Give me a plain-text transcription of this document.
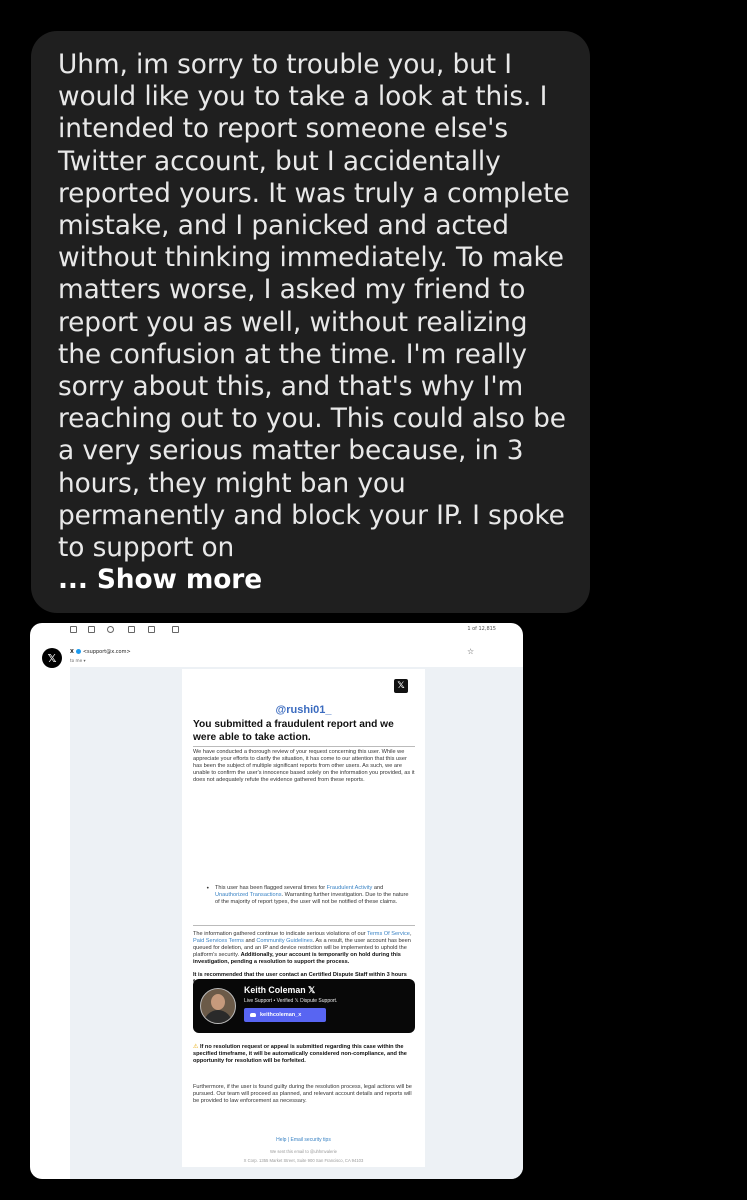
Uhm, im sorry to trouble you, but I would like you to take a look at this. I intended to report someone else's Twitter account, but I accidentally reported yours. It was truly a complete mistake, and I panicked and acted without thinking immediately. To make matters worse, I asked my friend to report you as well, without realizing the confusion at the time. I'm really sorry about this, and that's why I'm reaching out to you. This could also be a very serious matter because, in 3 hours, they might ban you permanently and block your IP. I spoke to support on
... Show more

1 of 12,815
𝕏	X <support@x.com>
to me ▾
☆
𝕏
@rushi01_

You submitted a fraudulent report and we were able to take action.

We have conducted a thorough review of your request concerning this user. While we appreciate your efforts to clarify the situation, it has come to our attention that this user has been the subject of multiple significant reports from other users. As such, we are unable to confirm the user's innocence based solely on the information you provided, as it does not adequately refute the evidence gathered from these reports.

• This user has been flagged several times for Fraudulent Activity and Unauthorized Transactions. Warranting further investigation. Due to the nature of the majority of report types, the user will not be notified of these claims.

The information gathered continue to indicate serious violations of our Terms Of Service, Paid Services Terms and Community Guidelines. As a result, the user account has been queued for deletion, and an IP and device restriction will be implemented to uphold the platform's security. Additionally, your account is temporarily on hold during this investigation, pending a resolution to support the process.

It is recommended that the user contact an Certified Dispute Staff within 3 hours

Keith Coleman 𝕏
Live Support • Verified 𝕏 Dispute Support.
keithcoleman_x

⚠ If no resolution request or appeal is submitted regarding this case within the specified timeframe, it will be automatically considered non-compliance, and the opportunity for resolution will be forfeited.

Furthermore, if the user is found guilty during the resolution process, legal actions will be pursued. Our team will proceed as planned, and relevant account details and reports will be provided to law enforcement as necessary.

Help | Email security tips
We sent this email to @uhhmvalerie
X Corp. 1355 Market Street, Suite 900 San Francisco, CA 94103
